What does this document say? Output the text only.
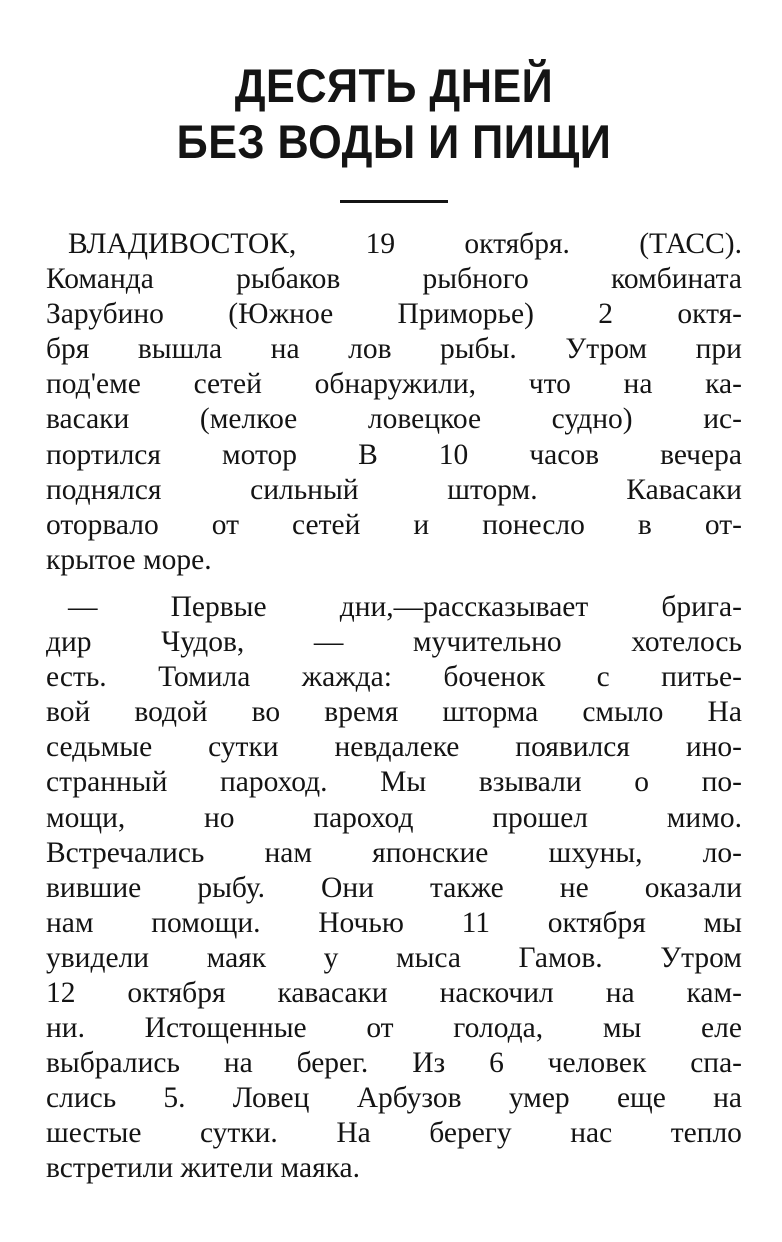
ДЕСЯТЬ ДНЕЙ
БЕЗ ВОДЫ И ПИЩИ

ВЛАДИВОСТОК, 19 октября. (ТАСС).
Команда	рыбаков	рыбного	комбината
Зарубино (Южное Приморье) 2 октя-
бря вышла на лов рыбы. Утром при
под'еме сетей обнаружили, что на ка-
васаки (мелкое ловецкое судно) ис-
портился мотор В 10 часов вечера
поднялся	сильный	шторм.	Кавасаки
оторвало от сетей и понесло в от-
крытое море.

— Первые дни,—рассказывает брига-
дир Чудов, — мучительно хотелось
есть. Томила жажда: боченок с питье-
вой водой во время шторма смыло На
седьмые сутки невдалеке появился ино-
странный пароход. Мы взывали о по-
мощи,	но	пароход	прошел	мимо.
Встречались нам японские шхуны, ло-
вившие рыбу. Они также не оказали
нам помощи. Ночью 11 октября мы
увидели маяк у мыса Гамов. Утром
12 октября кавасаки наскочил на кам-
ни. Истощенные от голода, мы еле
выбрались на берег. Из 6 человек спа-
слись 5. Ловец Арбузов умер еще на
шестые сутки. На берегу нас тепло
встретили жители маяка.
